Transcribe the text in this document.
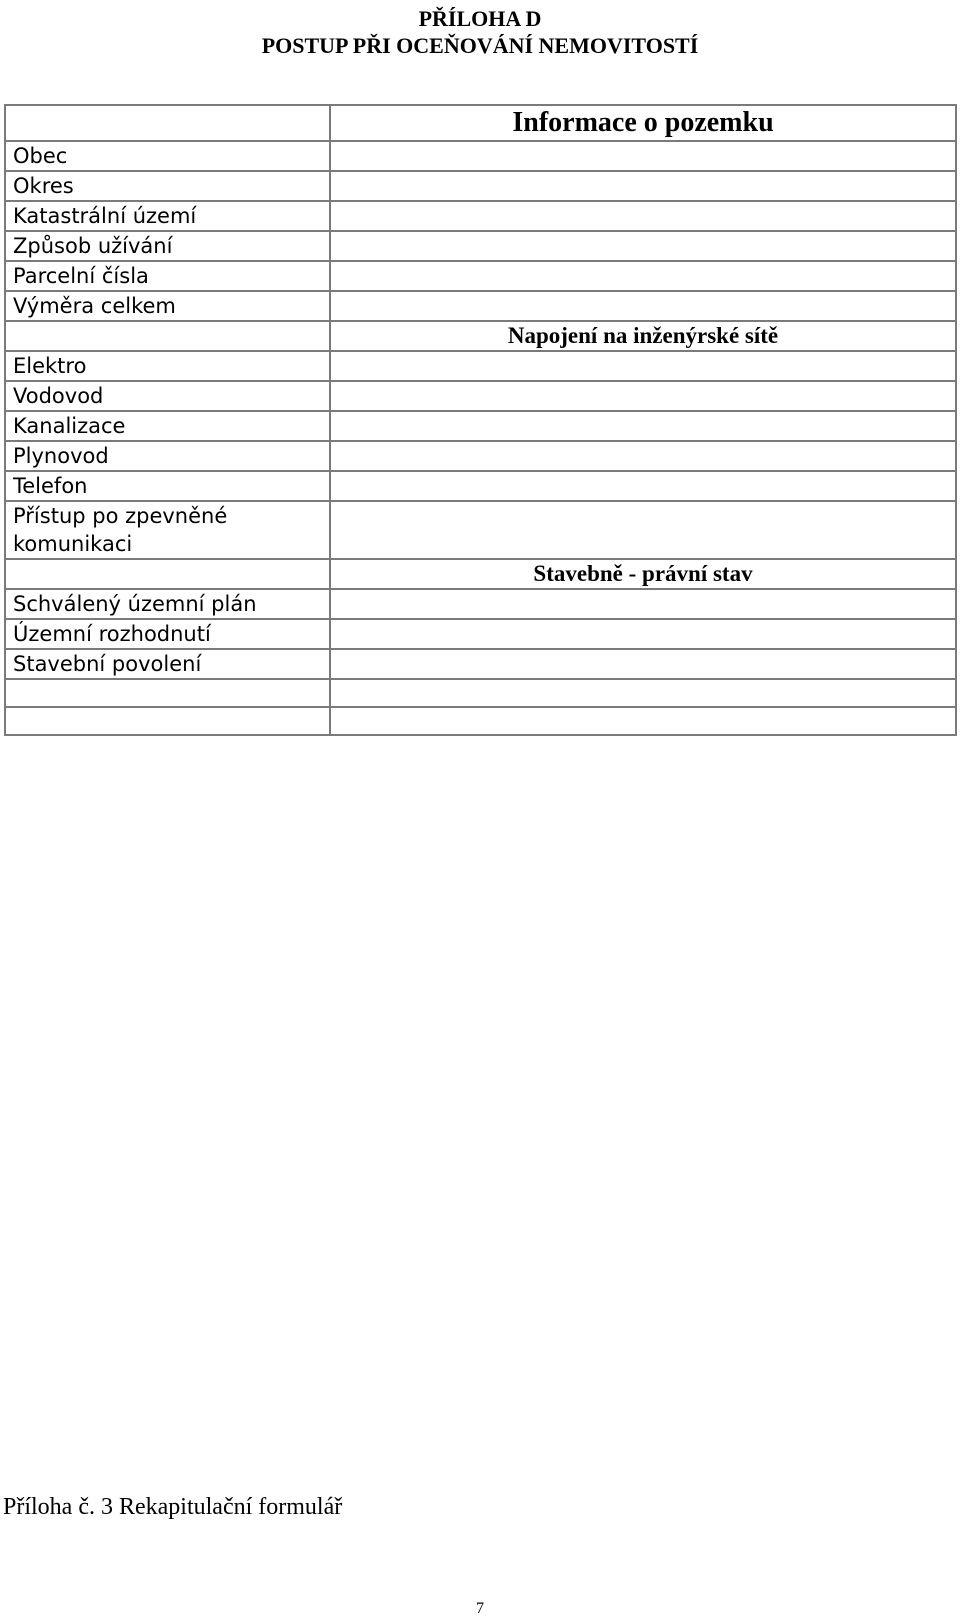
PŘÍLOHA D
POSTUP PŘI OCEŇOVÁNÍ NEMOVITOSTÍ
	Informace o pozemku
Obec	
Okres	
Katastrální území	
Způsob užívání	
Parcelní čísla	
Výměra celkem	
	Napojení na inženýrské sítě
Elektro	
Vodovod	
Kanalizace	
Plynovod	
Telefon	
Přístup po zpevněné komunikaci	
	Stavebně - právní stav
Schválený územní plán	
Územní rozhodnutí	
Stavební povolení	

Příloha č. 3 Rekapitulační formulář
7
